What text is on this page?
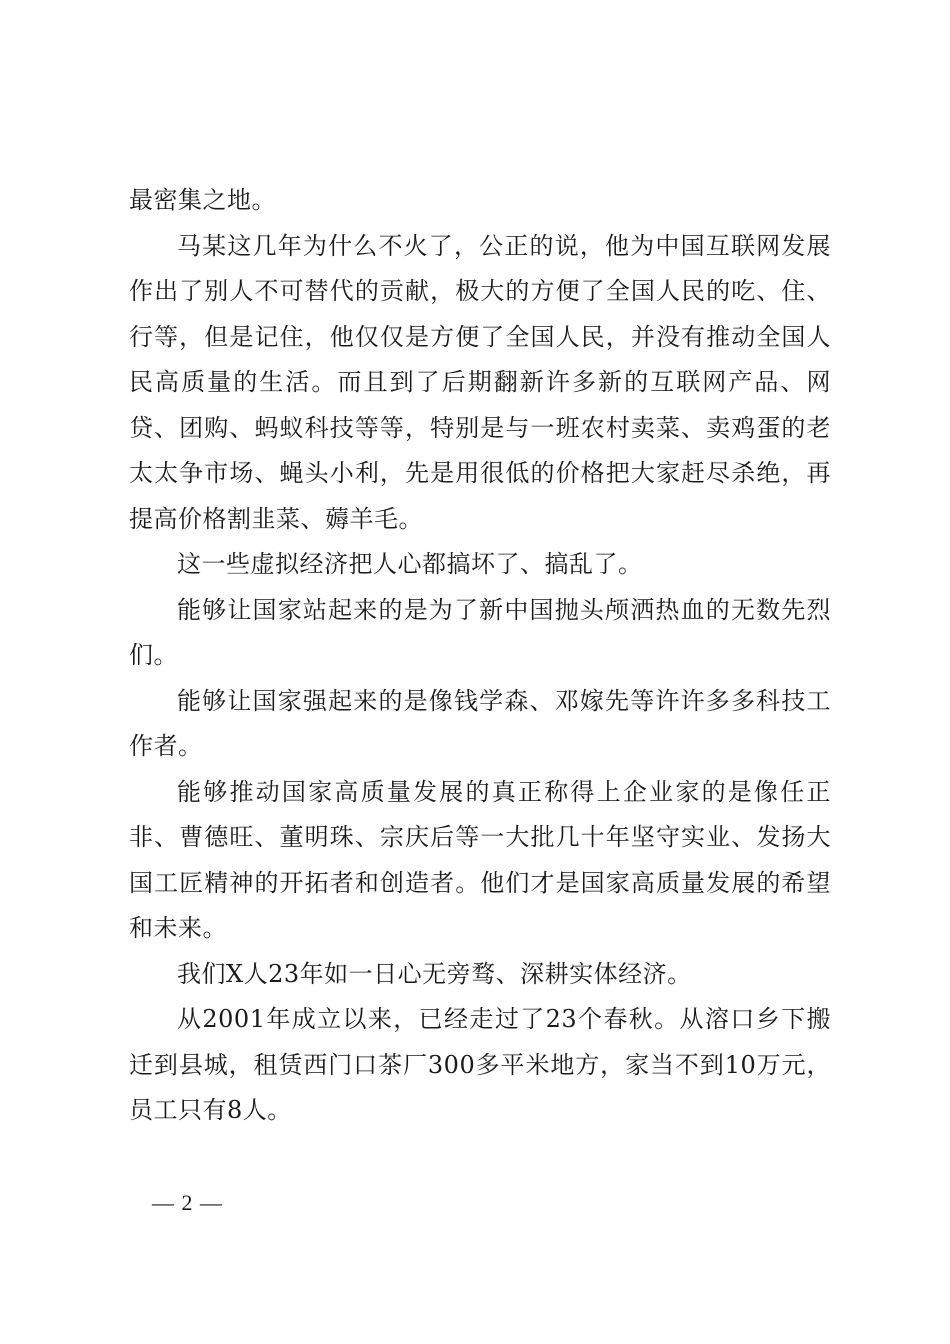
最密集之地。

马某这几年为什么不火了，公正的说，他为中国互联网发展作出了别人不可替代的贡献，极大的方便了全国人民的吃、住、行等，但是记住，他仅仅是方便了全国人民，并没有推动全国人民高质量的生活。而且到了后期翻新许多新的互联网产品、网贷、团购、蚂蚁科技等等，特别是与一班农村卖菜、卖鸡蛋的老太太争市场、蝇头小利，先是用很低的价格把大家赶尽杀绝，再提高价格割韭菜、薅羊毛。

这一些虚拟经济把人心都搞坏了、搞乱了。

能够让国家站起来的是为了新中国抛头颅洒热血的无数先烈们。

能够让国家强起来的是像钱学森、邓嫁先等许许多多科技工作者。

能够推动国家高质量发展的真正称得上企业家的是像任正非、曹德旺、董明珠、宗庆后等一大批几十年坚守实业、发扬大国工匠精神的开拓者和创造者。他们才是国家高质量发展的希望和未来。

我们X人23年如一日心无旁骛、深耕实体经济。

从2001年成立以来，已经走过了23个春秋。从溶口乡下搬迁到县城，租赁西门口茶厂300多平米地方，家当不到10万元，员工只有8人。

— 2 —
